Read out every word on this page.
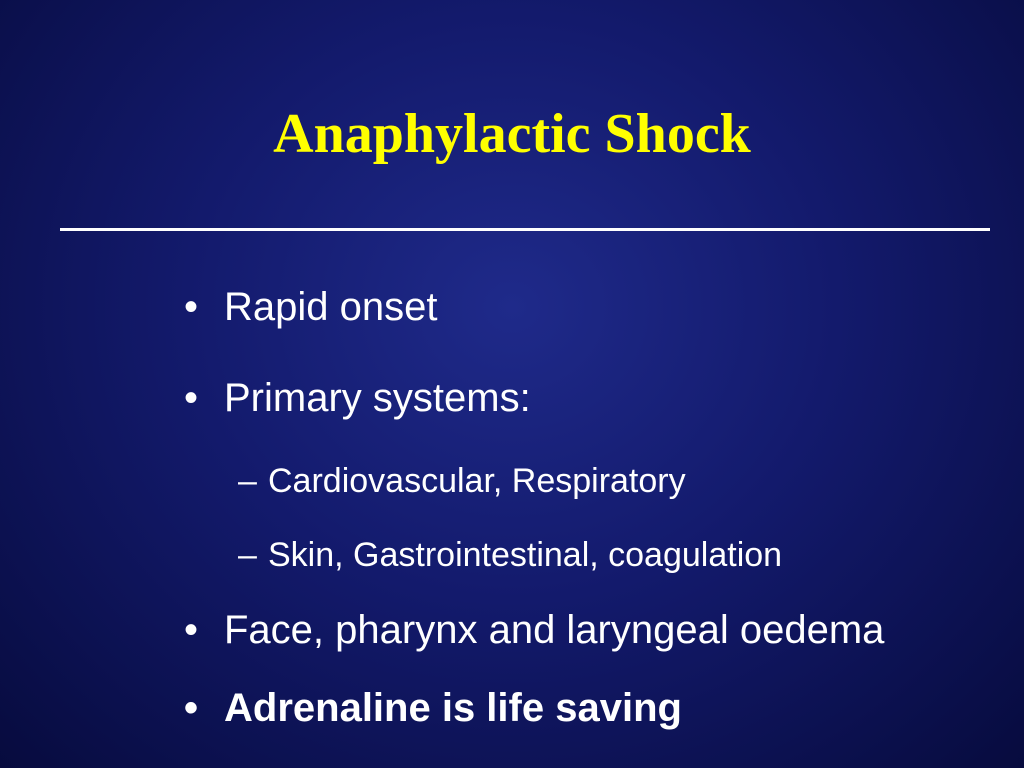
Anaphylactic Shock
• Rapid onset
• Primary systems:
– Cardiovascular, Respiratory
– Skin, Gastrointestinal, coagulation
• Face, pharynx and laryngeal oedema
• Adrenaline is life saving
